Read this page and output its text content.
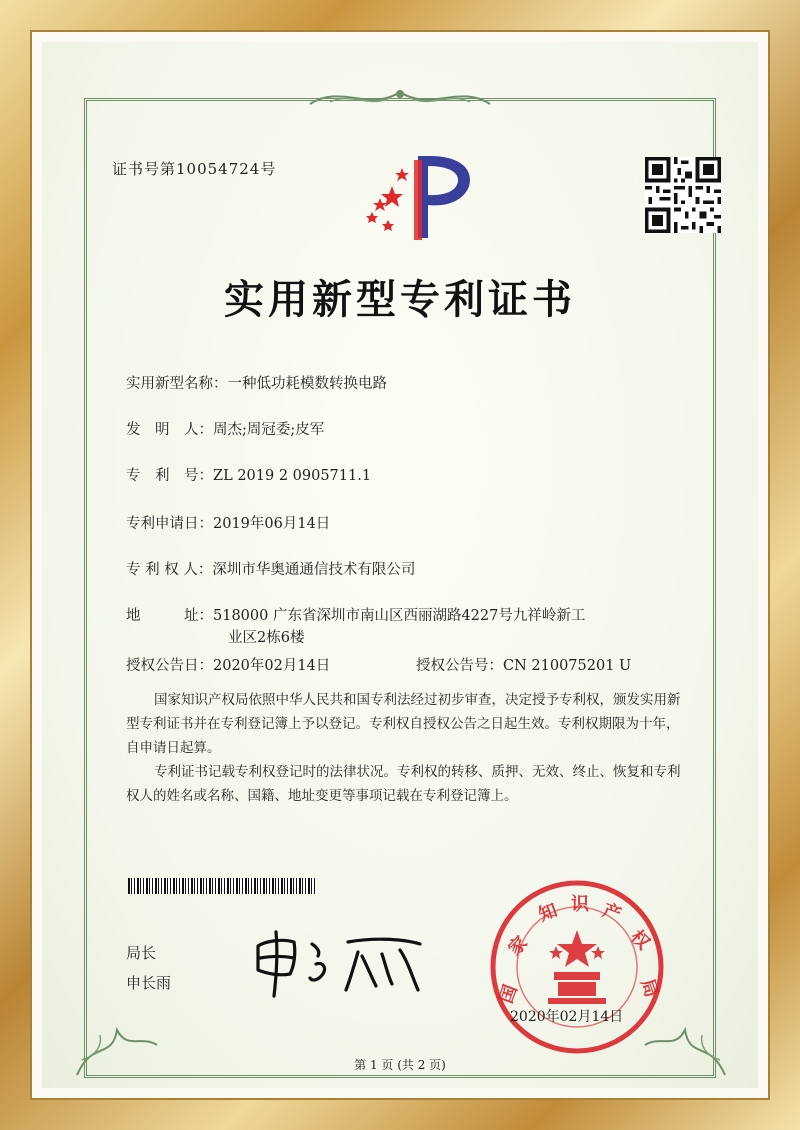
证书号第10054724号
实用新型专利证书
实用新型名称：一种低功耗模数转换电路
发　明　人：周杰;周冠委;皮军
专　利　号：ZL 2019 2 0905711.1
专利申请日：2019年06月14日
专 利 权 人：深圳市华奥通通信技术有限公司
地　　　址：518000 广东省深圳市南山区西丽湖路4227号九祥岭新工
业区2栋6楼
授权公告日：2020年02月14日	授权公告号：CN 210075201 U
国家知识产权局依照中华人民共和国专利法经过初步审查，决定授予专利权，颁发实用新型专利证书并在专利登记簿上予以登记。专利权自授权公告之日起生效。专利权期限为十年，自申请日起算。
专利证书记载专利权登记时的法律状况。专利权的转移、质押、无效、终止、恢复和专利权人的姓名或名称、国籍、地址变更等事项记载在专利登记簿上。
局长
申长雨	国
家
知 识 产
权
局
2020年02月14日
第 1 页 (共 2 页)
